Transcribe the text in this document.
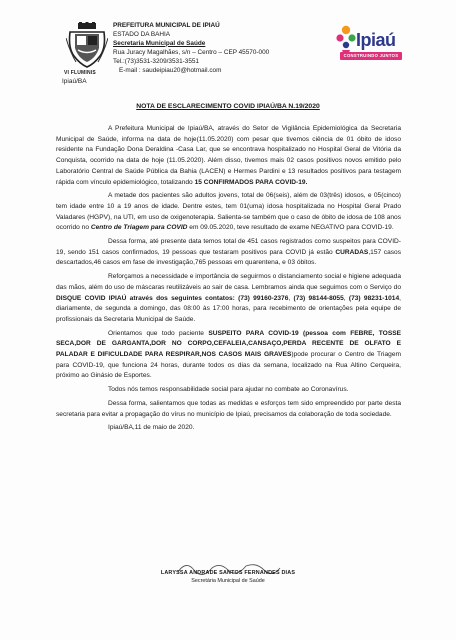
VI FLUMINIS
Ipiaú/BA
PREFEITURA MUNICIPAL DE IPIAÚ
ESTADO DA BAHIA
Secretaria Municipal de Saúde
Rua Juracy Magalhães, s/n – Centro – CEP 45570-000
Tel.:(73)3531-3209/3531-3551
E-mail : saudeipiau20@hotmail.com
Ipiaú
CONSTRUINDO JUNTOS
NOTA DE ESCLARECIMENTO COVID IPIAÚ/BA N.19/2020

A Prefeitura Municipal de Ipiaú/BA, através do Setor de Vigilância Epidemiológica da Secretaria Municipal de Saúde, informa na data de hoje(11.05.2020) com pesar que tivemos ciência de 01 óbito de idoso residente na Fundação Dona Deraldina -Casa Lar, que se encontrava hospitalizado no Hospital Geral de Vitória da Conquista, ocorrido na data de hoje (11.05.2020). Além disso, tivemos mais 02 casos positivos novos emitido pelo Laboratório Central de Saúde Pública da Bahia (LACEN) e Hermes Pardini e 13 resultados positivos para testagem rápida com vínculo epidemiológico, totalizando 15 CONFIRMADOS PARA COVID-19.

A metade dos pacientes são adultos jovens, total de 06(seis), além de 03(três) idosos, e 05(cinco) tem idade entre 10 a 19 anos de idade. Dentre estes, tem 01(uma) idosa hospitalizada no Hospital Geral Prado Valadares (HGPV), na UTI, em uso de oxigenoterapia. Salienta-se também que o caso de óbito de idosa de 108 anos ocorrido no Centro de Triagem para COVID em 09.05.2020, teve resultado de exame NEGATIVO para COVID-19.

Dessa forma, até presente data temos total de 451 casos registrados como suspeitos para COVID-19, sendo 151 casos confirmados, 19 pessoas que testaram positivos para COVID já estão CURADAS,157 casos descartados,46 casos em fase de investigação,765 pessoas em quarentena, e 03 óbitos.

Reforçamos a necessidade e importância de seguirmos o distanciamento social e higiene adequada das mãos, além do uso de máscaras reutilizáveis ao sair de casa. Lembramos ainda que seguimos com o Serviço do DISQUE COVID IPIAÚ através dos seguintes contatos: (73) 99160-2376, (73) 98144-8055, (73) 98231-1014, diariamente, de segunda a domingo, das 08:00 às 17:00 horas, para recebimento de orientações pela equipe de profissionais da Secretaria Municipal de Saúde.

Orientamos que todo paciente SUSPEITO PARA COVID-19 (pessoa com FEBRE, TOSSE SECA,DOR DE GARGANTA,DOR NO CORPO,CEFALEIA,CANSAÇO,PERDA RECENTE DE OLFATO E PALADAR E DIFICULDADE PARA RESPIRAR,NOS CASOS MAIS GRAVES)pode procurar o Centro de Triagem para COVID-19, que funciona 24 horas, durante todos os dias da semana, localizado na Rua Altino Cerqueira, próximo ao Ginásio de Esportes.

Todos nós temos responsabilidade social para ajudar no combate ao Coronavírus.

Dessa forma, salientamos que todas as medidas e esforços tem sido empreendido por parte desta secretaria para evitar a propagação do vírus no município de Ipiaú, precisamos da colaboração de toda sociedade.

Ipiaú/BA,11 de maio de 2020.

LARYSSA ANDRADE SANTOS FERNANDES DIAS
Secretária Municipal de Saúde
